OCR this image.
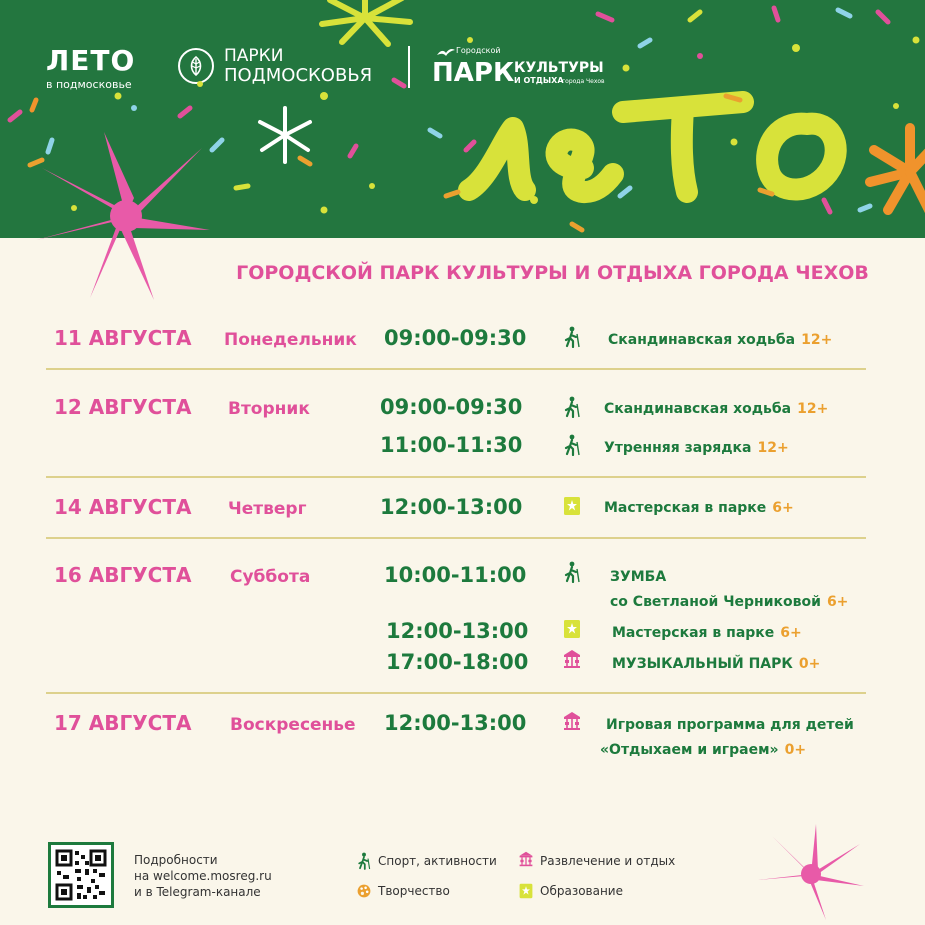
ЛЕТО
в подмосковье
ПАРКИ
ПОДМОСКОВЬЯ
Городской
ПАРК КУЛЬТУРЫ
И ОТДЫХА
города Чехов
ГОРОДСКОЙ ПАРК КУЛЬТУРЫ И ОТДЫХА ГОРОДА ЧЕХОВ
11 АВГУСТА Понедельник 09:00-09:30	Скандинавская ходьба 12+
12 АВГУСТА Вторник	09:00-09:30	Скандинавская ходьба 12+
11:00-11:30	Утренняя зарядка 12+
14 АВГУСТА Четверг	12:00-13:00	Мастерская в парке 6+
16 АВГУСТА Суббота	10:00-11:00	ЗУМБА
со Светланой Черниковой 6+
12:00-13:00	Мастерская в парке 6+
17:00-18:00	МУЗЫКАЛЬНЫЙ ПАРК 0+
17 АВГУСТА Воскресенье 12:00-13:00	Игровая программа для детей
«Отдыхаем и играем» 0+
Подробности
на welcome.mosreg.ru
и в Telegram-канале
Спорт, активности	Развлечение и отдых
Творчество	Образование
